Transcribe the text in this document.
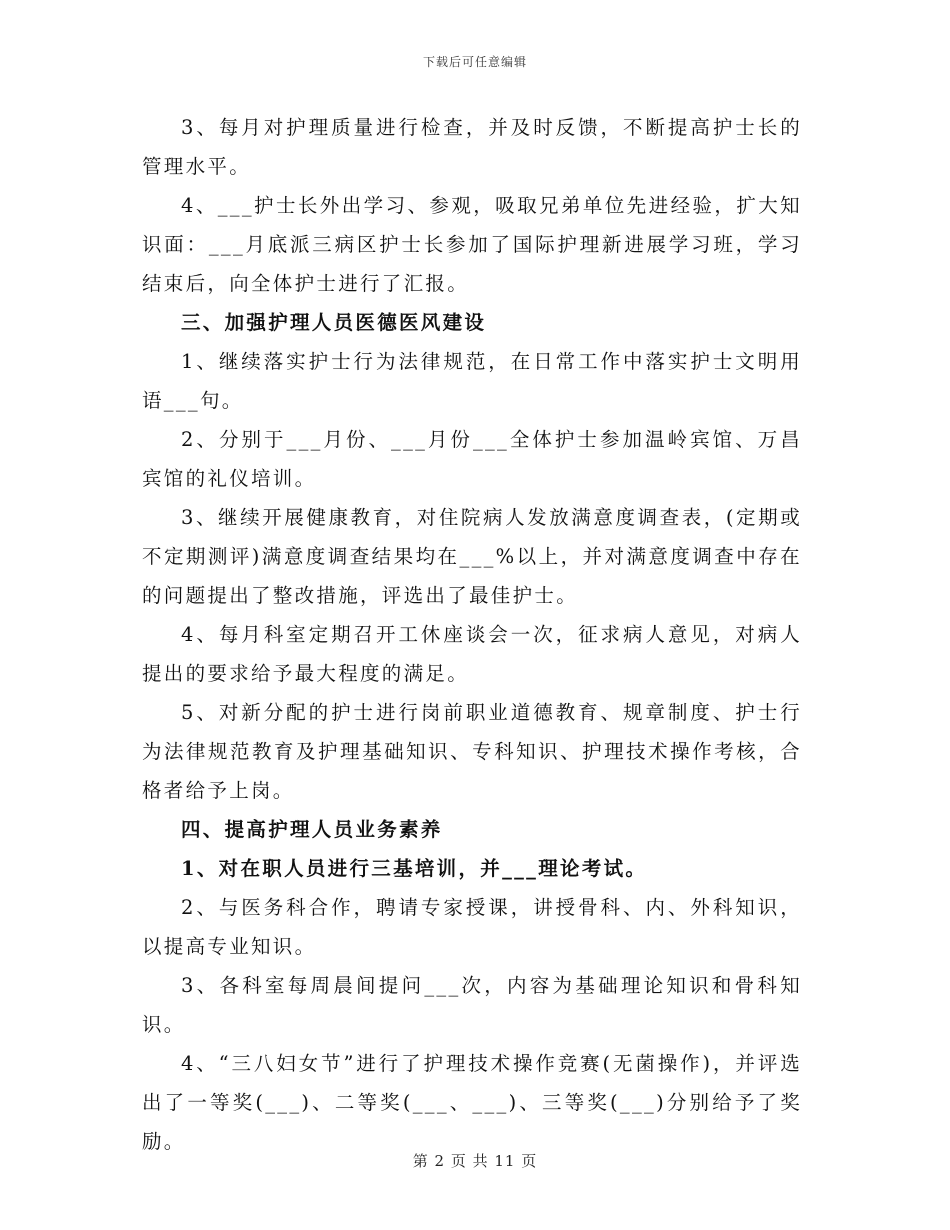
下载后可任意编辑

3、每月对护理质量进行检查，并及时反馈，不断提高护士长的管理水平。

4、___护士长外出学习、参观，吸取兄弟单位先进经验，扩大知识面：___月底派三病区护士长参加了国际护理新进展学习班，学习结束后，向全体护士进行了汇报。

三、加强护理人员医德医风建设

1、继续落实护士行为法律规范，在日常工作中落实护士文明用语___句。

2、分别于___月份、___月份___全体护士参加温岭宾馆、万昌宾馆的礼仪培训。

3、继续开展健康教育，对住院病人发放满意度调查表，(定期或不定期测评)满意度调查结果均在___%以上，并对满意度调查中存在的问题提出了整改措施，评选出了最佳护士。

4、每月科室定期召开工休座谈会一次，征求病人意见，对病人提出的要求给予最大程度的满足。

5、对新分配的护士进行岗前职业道德教育、规章制度、护士行为法律规范教育及护理基础知识、专科知识、护理技术操作考核，合格者给予上岗。

四、提高护理人员业务素养

1、对在职人员进行三基培训，并___理论考试。

2、与医务科合作，聘请专家授课，讲授骨科、内、外科知识，以提高专业知识。

3、各科室每周晨间提问___次，内容为基础理论知识和骨科知识。

4、“三八妇女节”进行了护理技术操作竞赛(无菌操作)，并评选出了一等奖(___)、二等奖(___、___)、三等奖(___)分别给予了奖励。

第 2 页 共 11 页
